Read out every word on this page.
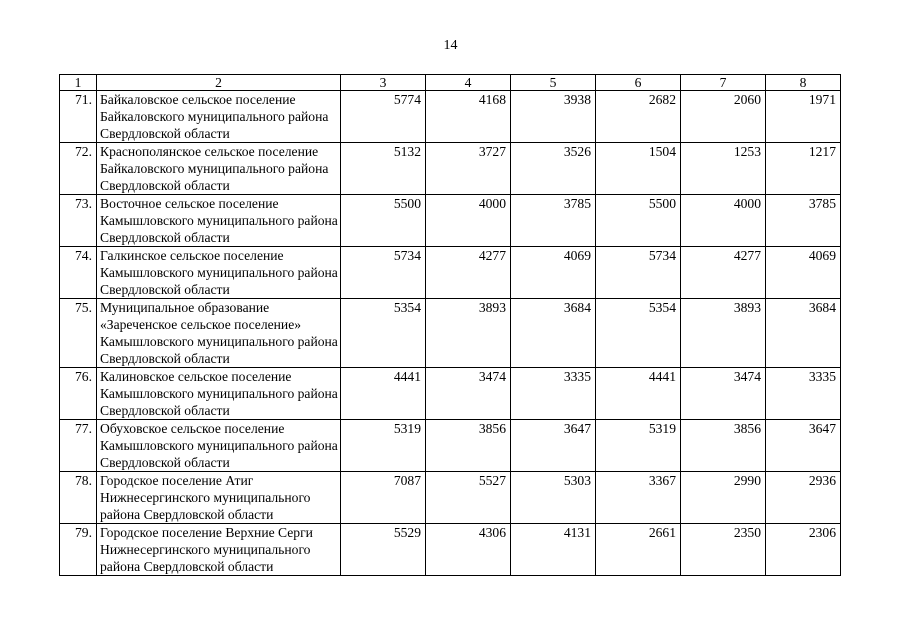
14
1	2	3	4	5	6	7	8
71.	Байкаловское сельское поселение Байкаловского муниципального района Свердловской области	5774	4168	3938	2682	2060	1971
72.	Краснополянское сельское поселение Байкаловского муниципального района Свердловской области	5132	3727	3526	1504	1253	1217
73.	Восточное сельское поселение Камышловского муниципального района Свердловской области	5500	4000	3785	5500	4000	3785
74.	Галкинское сельское поселение Камышловского муниципального района Свердловской области	5734	4277	4069	5734	4277	4069
75.	Муниципальное образование «Зареченское сельское поселение» Камышловского муниципального района Свердловской области	5354	3893	3684	5354	3893	3684
76.	Калиновское сельское поселение Камышловского муниципального района Свердловской области	4441	3474	3335	4441	3474	3335
77.	Обуховское сельское поселение Камышловского муниципального района Свердловской области	5319	3856	3647	5319	3856	3647
78.	Городское поселение Атиг Нижнесергинского муниципального района Свердловской области	7087	5527	5303	3367	2990	2936
79.	Городское поселение Верхние Серги Нижнесергинского муниципального района Свердловской области	5529	4306	4131	2661	2350	2306
